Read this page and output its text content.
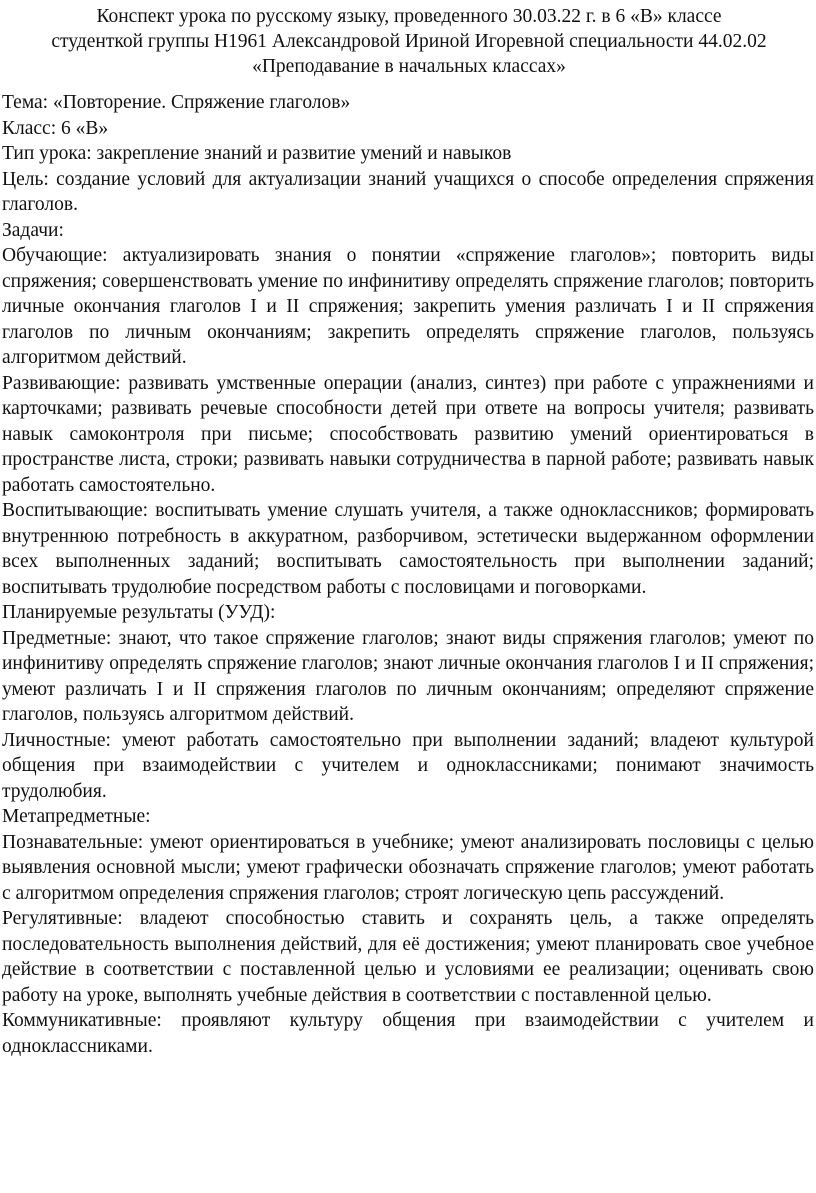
Конспект урока по русскому языку, проведенного 30.03.22 г. в 6 «В» классе

студенткой группы Н1961 Александровой Ириной Игоревной специальности 44.02.02

«Преподавание в начальных классах»

Тема: «Повторение. Спряжение глаголов»

Класс: 6 «В»

Тип урока: закрепление знаний и развитие умений и навыков

Цель: создание условий для актуализации знаний учащихся о способе определения спряжения глаголов.

Задачи:

Обучающие: актуализировать знания о понятии «спряжение глаголов»; повторить виды спряжения; совершенствовать умение по инфинитиву определять спряжение глаголов; повторить личные окончания глаголов I и II спряжения; закрепить умения различать I и II спряжения глаголов по личным окончаниям; закрепить определять спряжение глаголов, пользуясь алгоритмом действий.

Развивающие: развивать умственные операции (анализ, синтез) при работе с упражнениями и карточками; развивать речевые способности детей при ответе на вопросы учителя; развивать навык самоконтроля при письме; способствовать развитию умений ориентироваться в пространстве листа, строки; развивать навыки сотрудничества в парной работе; развивать навык работать самостоятельно.

Воспитывающие: воспитывать умение слушать учителя, а также одноклассников; формировать внутреннюю потребность в аккуратном, разборчивом, эстетически выдержанном оформлении всех выполненных заданий; воспитывать самостоятельность при выполнении заданий; воспитывать трудолюбие посредством работы с пословицами и поговорками.

Планируемые результаты (УУД):

Предметные: знают, что такое спряжение глаголов; знают виды спряжения глаголов; умеют по инфинитиву определять спряжение глаголов; знают личные окончания глаголов I и II спряжения; умеют различать I и II спряжения глаголов по личным окончаниям; определяют спряжение глаголов, пользуясь алгоритмом действий.

Личностные: умеют работать самостоятельно при выполнении заданий; владеют культурой общения при взаимодействии с учителем и одноклассниками; понимают значимость трудолюбия.

Метапредметные:

Познавательные: умеют ориентироваться в учебнике; умеют анализировать пословицы с целью выявления основной мысли; умеют графически обозначать спряжение глаголов; умеют работать с алгоритмом определения спряжения глаголов; строят логическую цепь рассуждений.

Регулятивные: владеют способностью ставить и сохранять цель, а также определять последовательность выполнения действий, для её достижения; умеют планировать свое учебное действие в соответствии с поставленной целью и условиями ее реализации; оценивать свою работу на уроке, выполнять учебные действия в соответствии с поставленной целью.

Коммуникативные: проявляют культуру общения при взаимодействии с учителем и одноклассниками.
